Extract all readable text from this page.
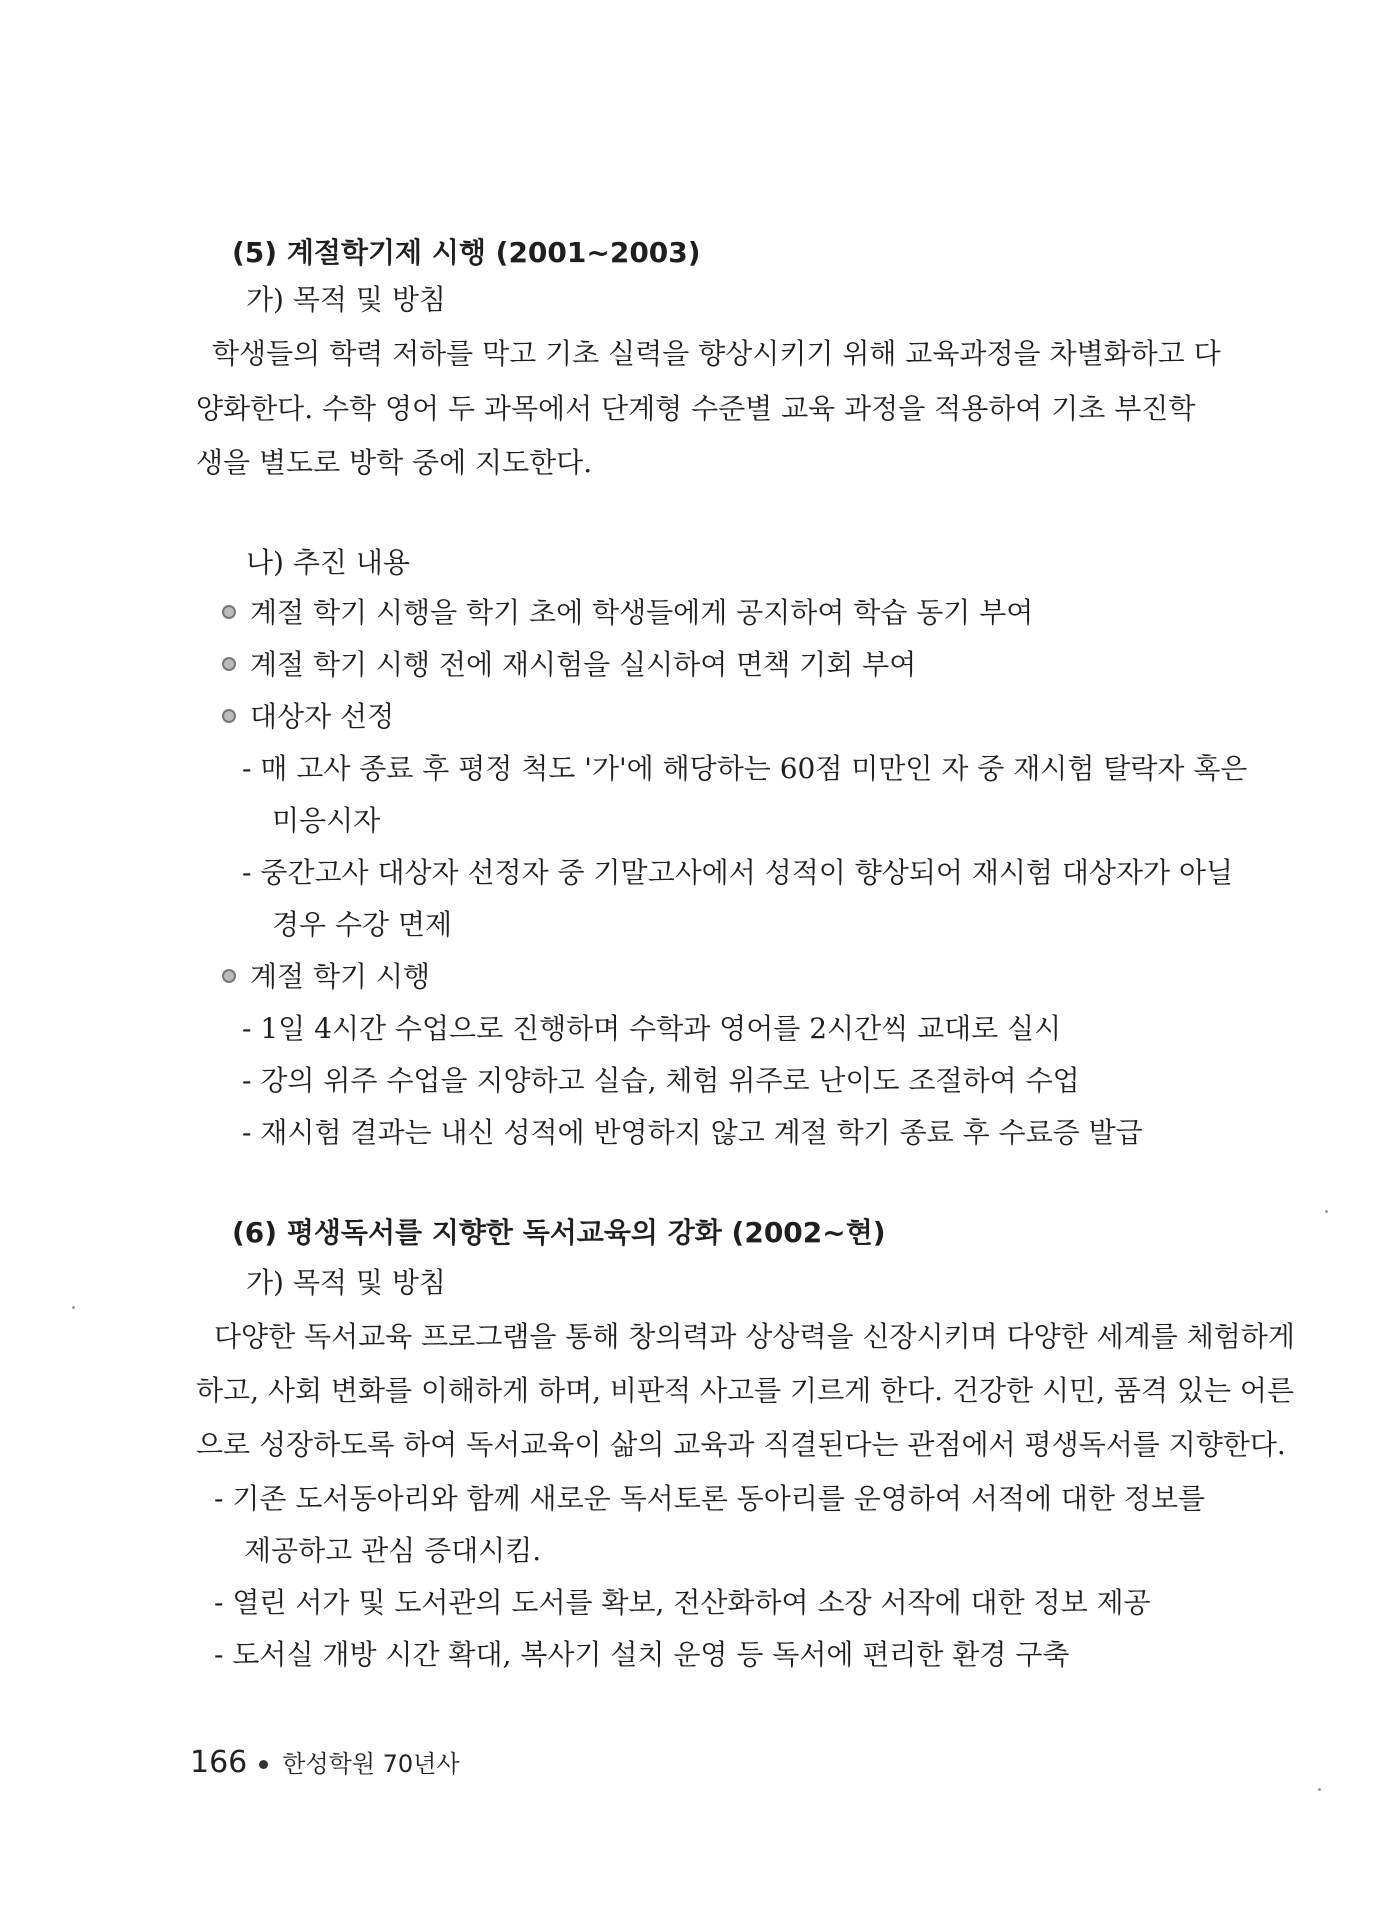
(5) 계절학기제 시행 (2001~2003)
가) 목적 및 방침
학생들의 학력 저하를 막고 기초 실력을 향상시키기 위해 교육과정을 차별화하고 다
양화한다. 수학 영어 두 과목에서 단계형 수준별 교육 과정을 적용하여 기초 부진학
생을 별도로 방학 중에 지도한다.
나) 추진 내용
계절 학기 시행을 학기 초에 학생들에게 공지하여 학습 동기 부여
계절 학기 시행 전에 재시험을 실시하여 면책 기회 부여
대상자 선정
- 매 고사 종료 후 평정 척도 '가'에 해당하는 60점 미만인 자 중 재시험 탈락자 혹은
미응시자
- 중간고사 대상자 선정자 중 기말고사에서 성적이 향상되어 재시험 대상자가 아닐
경우 수강 면제
계절 학기 시행
- 1일 4시간 수업으로 진행하며 수학과 영어를 2시간씩 교대로 실시
- 강의 위주 수업을 지양하고 실습, 체험 위주로 난이도 조절하여 수업
- 재시험 결과는 내신 성적에 반영하지 않고 계절 학기 종료 후 수료증 발급
(6) 평생독서를 지향한 독서교육의 강화 (2002~현)
가) 목적 및 방침
다양한 독서교육 프로그램을 통해 창의력과 상상력을 신장시키며 다양한 세계를 체험하게
하고, 사회 변화를 이해하게 하며, 비판적 사고를 기르게 한다. 건강한 시민, 품격 있는 어른
으로 성장하도록 하여 독서교육이 삶의 교육과 직결된다는 관점에서 평생독서를 지향한다.
- 기존 도서동아리와 함께 새로운 독서토론 동아리를 운영하여 서적에 대한 정보를
제공하고 관심 증대시킴.
- 열린 서가 및 도서관의 도서를 확보, 전산화하여 소장 서작에 대한 정보 제공
- 도서실 개방 시간 확대, 복사기 설치 운영 등 독서에 편리한 환경 구축
166 한성학원 70년사
